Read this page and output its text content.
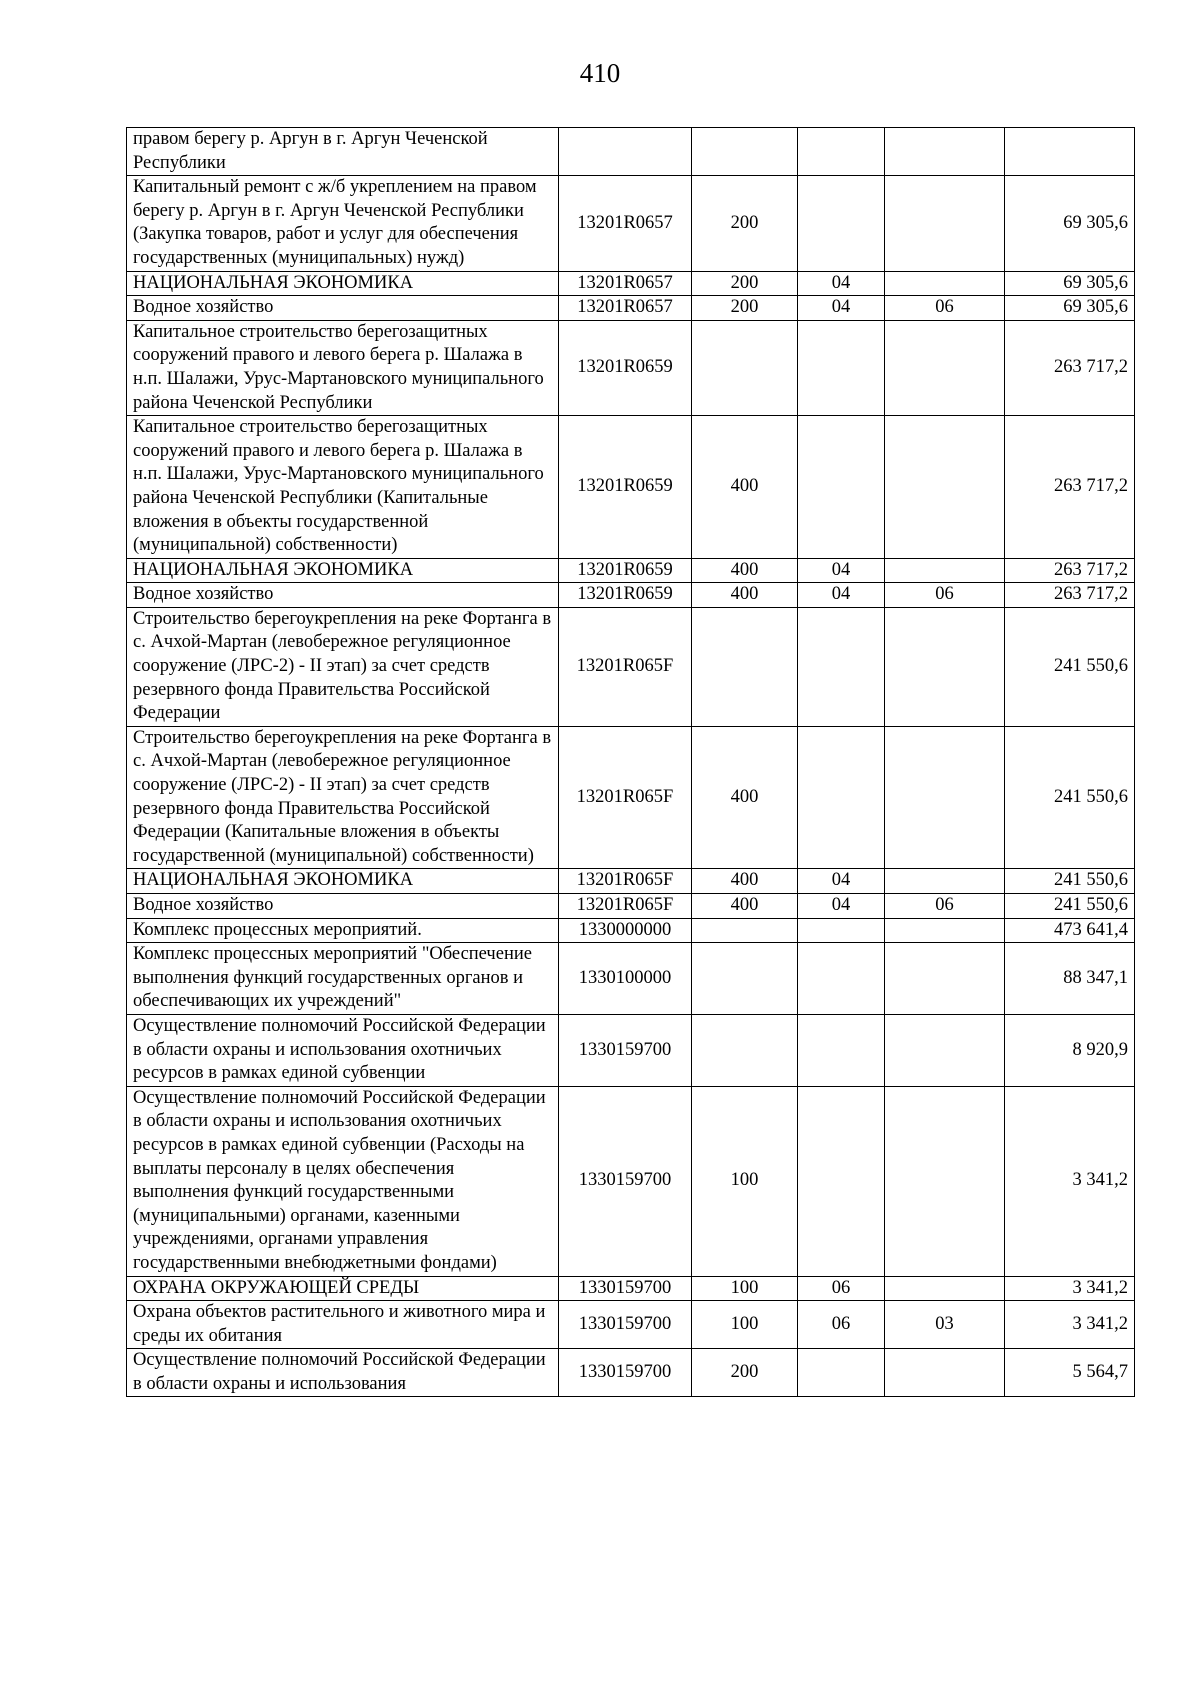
410
правом берегу р. Аргун в г. Аргун Чеченской Республики					
Капитальный ремонт с ж/б укреплением на правом берегу р. Аргун в г. Аргун Чеченской Республики (Закупка товаров, работ и услуг для обеспечения государственных (муниципальных) нужд)	13201R0657	200			69 305,6
НАЦИОНАЛЬНАЯ ЭКОНОМИКА	13201R0657	200	04		69 305,6
Водное хозяйство	13201R0657	200	04	06	69 305,6
Капитальное строительство берегозащитных сооружений правого и левого берега р. Шалажа в н.п. Шалажи, Урус-Мартановского муниципального района Чеченской Республики	13201R0659				263 717,2
Капитальное строительство берегозащитных сооружений правого и левого берега р. Шалажа в н.п. Шалажи, Урус-Мартановского муниципального района Чеченской Республики (Капитальные вложения в объекты государственной (муниципальной) собственности)	13201R0659	400			263 717,2
НАЦИОНАЛЬНАЯ ЭКОНОМИКА	13201R0659	400	04		263 717,2
Водное хозяйство	13201R0659	400	04	06	263 717,2
Строительство берегоукрепления на реке Фортанга в с. Ачхой-Мартан (левобережное регуляционное сооружение (ЛРС-2) - II этап) за счет средств резервного фонда Правительства Российской Федерации	13201R065F				241 550,6
Строительство берегоукрепления на реке Фортанга в с. Ачхой-Мартан (левобережное регуляционное сооружение (ЛРС-2) - II этап) за счет средств резервного фонда Правительства Российской Федерации (Капитальные вложения в объекты государственной (муниципальной) собственности)	13201R065F	400			241 550,6
НАЦИОНАЛЬНАЯ ЭКОНОМИКА	13201R065F	400	04		241 550,6
Водное хозяйство	13201R065F	400	04	06	241 550,6
Комплекс процессных мероприятий.	1330000000				473 641,4
Комплекс процессных мероприятий "Обеспечение выполнения функций государственных органов и обеспечивающих их учреждений"	1330100000				88 347,1
Осуществление полномочий Российской Федерации в области охраны и использования охотничьих ресурсов в рамках единой субвенции	1330159700				8 920,9
Осуществление полномочий Российской Федерации в области охраны и использования охотничьих ресурсов в рамках единой субвенции (Расходы на выплаты персоналу в целях обеспечения выполнения функций государственными (муниципальными) органами, казенными учреждениями, органами управления государственными внебюджетными фондами)	1330159700	100			3 341,2
ОХРАНА ОКРУЖАЮЩЕЙ СРЕДЫ	1330159700	100	06		3 341,2
Охрана объектов растительного и животного мира и среды их обитания	1330159700	100	06	03	3 341,2
Осуществление полномочий Российской Федерации в области охраны и использования	1330159700	200			5 564,7
